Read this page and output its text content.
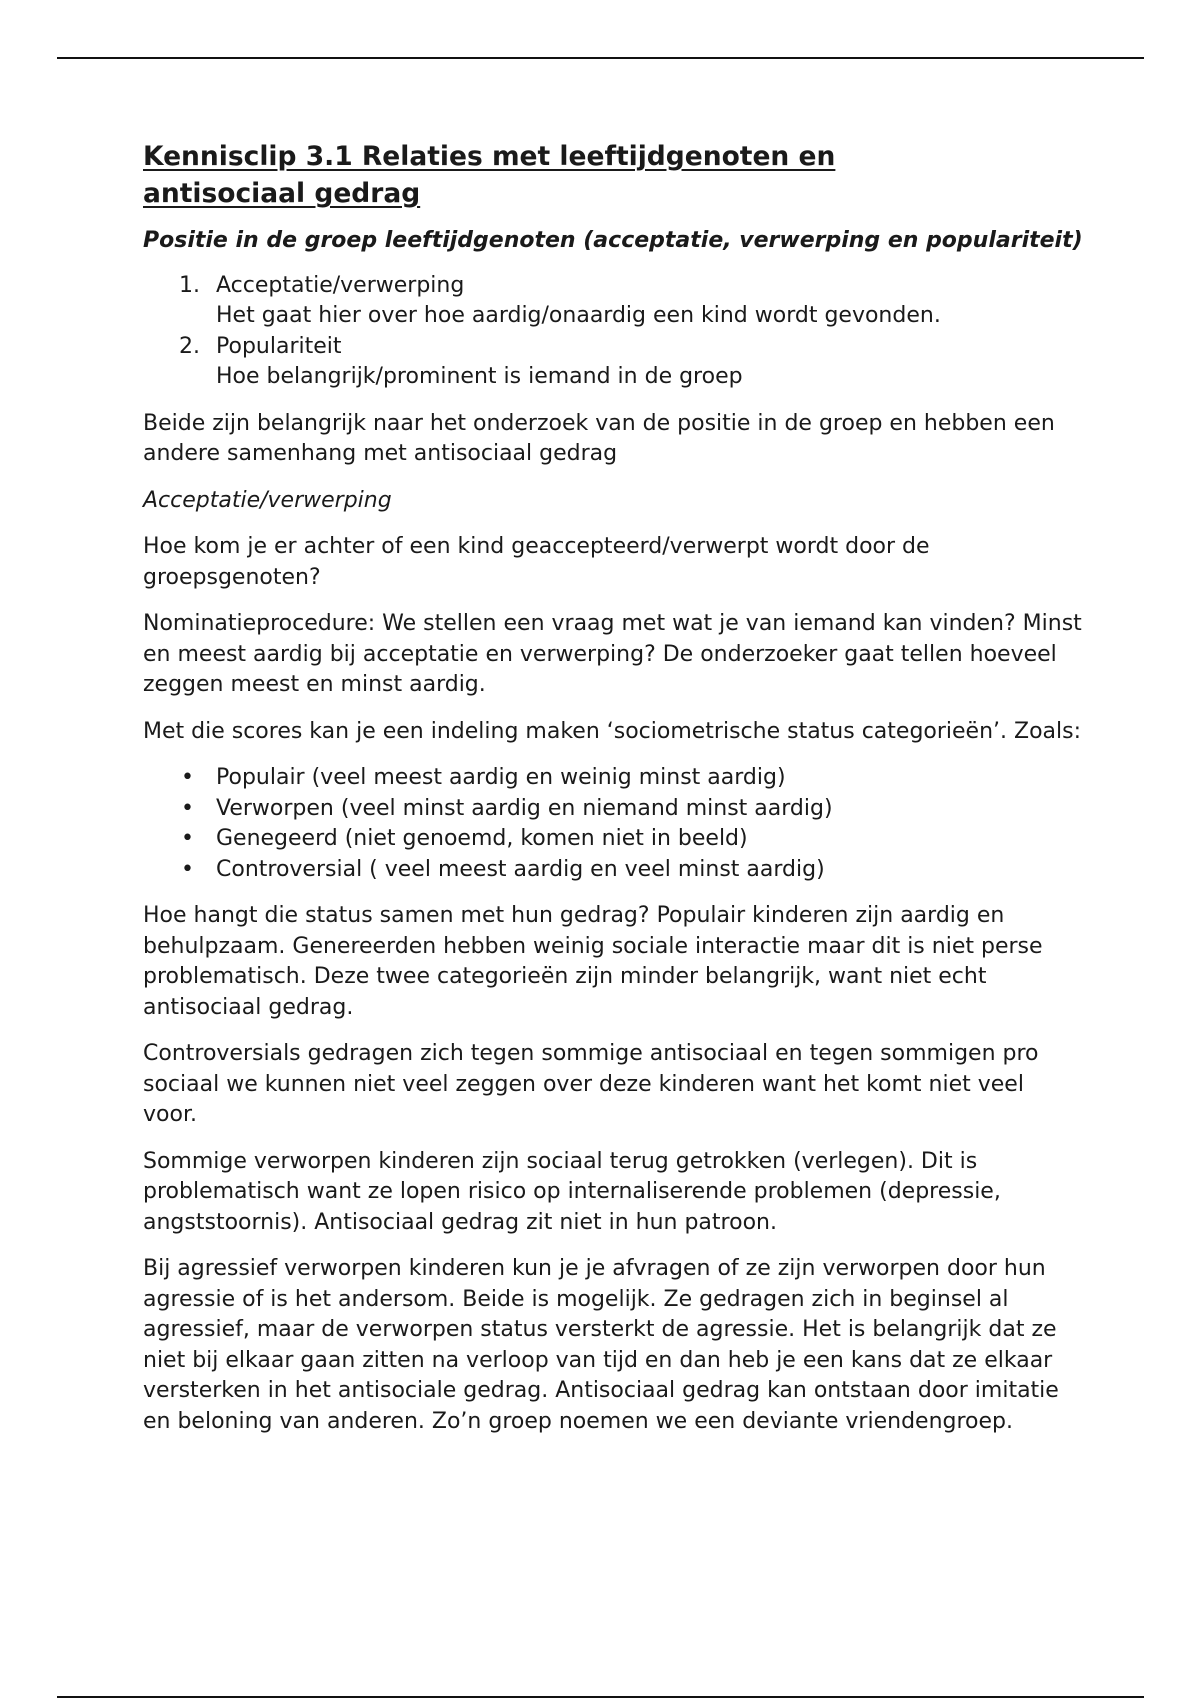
Kennisclip 3.1 Relaties met leeftijdgenoten en antisociaal gedrag
Positie in de groep leeftijdgenoten (acceptatie, verwerping en populariteit)
1. Acceptatie/verwerping
Het gaat hier over hoe aardig/onaardig een kind wordt gevonden.
2. Populariteit
Hoe belangrijk/prominent is iemand in de groep

Beide zijn belangrijk naar het onderzoek van de positie in de groep en hebben een andere samenhang met antisociaal gedrag

Acceptatie/verwerping

Hoe kom je er achter of een kind geaccepteerd/verwerpt wordt door de groepsgenoten?

Nominatieprocedure: We stellen een vraag met wat je van iemand kan vinden? Minst en meest aardig bij acceptatie en verwerping? De onderzoeker gaat tellen hoeveel zeggen meest en minst aardig.

Met die scores kan je een indeling maken ‘sociometrische status categorieën’. Zoals:

• Populair (veel meest aardig en weinig minst aardig)
• Verworpen (veel minst aardig en niemand minst aardig)
• Genegeerd (niet genoemd, komen niet in beeld)
• Controversial ( veel meest aardig en veel minst aardig)

Hoe hangt die status samen met hun gedrag? Populair kinderen zijn aardig en behulpzaam. Genereerden hebben weinig sociale interactie maar dit is niet perse problematisch. Deze twee categorieën zijn minder belangrijk, want niet echt antisociaal gedrag.

Controversials gedragen zich tegen sommige antisociaal en tegen sommigen pro sociaal we kunnen niet veel zeggen over deze kinderen want het komt niet veel voor.

Sommige verworpen kinderen zijn sociaal terug getrokken (verlegen). Dit is problematisch want ze lopen risico op internaliserende problemen (depressie, angststoornis). Antisociaal gedrag zit niet in hun patroon.

Bij agressief verworpen kinderen kun je je afvragen of ze zijn verworpen door hun agressie of is het andersom. Beide is mogelijk. Ze gedragen zich in beginsel al agressief, maar de verworpen status versterkt de agressie. Het is belangrijk dat ze niet bij elkaar gaan zitten na verloop van tijd en dan heb je een kans dat ze elkaar versterken in het antisociale gedrag. Antisociaal gedrag kan ontstaan door imitatie en beloning van anderen. Zo’n groep noemen we een deviante vriendengroep.
